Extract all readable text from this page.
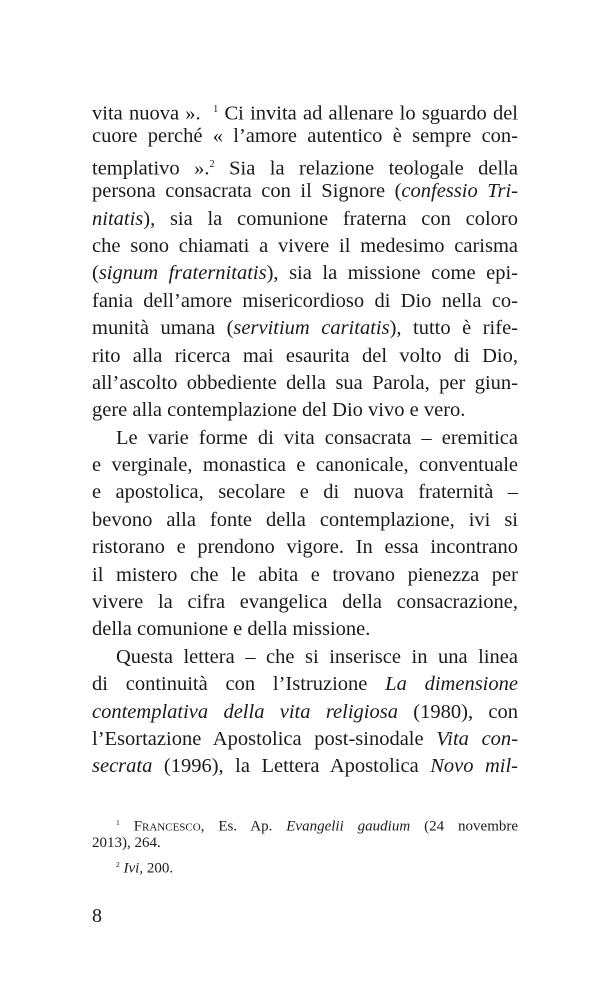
vita nuova ».  $^1$ Ci invita ad allenare lo sguardo del
cuore perché « l’amore autentico è sempre con-
templativo ».$^2$ Sia la relazione teologale della
persona consacrata con il Signore (confessio Tri-
nitatis), sia la comunione fraterna con coloro
che sono chiamati a vivere il medesimo carisma
(signum fraternitatis), sia la missione come epi-
fania dell’amore misericordioso di Dio nella co-
munità umana (servitium caritatis), tutto è rife-
rito alla ricerca mai esaurita del volto di Dio,
all’ascolto obbediente della sua Parola, per giun-
gere alla contemplazione del Dio vivo e vero.
Le varie forme di vita consacrata – eremitica
e verginale, monastica e canonicale, conventuale
e apostolica, secolare e di nuova fraternità –
bevono alla fonte della contemplazione, ivi si
ristorano e prendono vigore. In essa incontrano
il mistero che le abita e trovano pienezza per
vivere la cifra evangelica della consacrazione,
della comunione e della missione.
Questa lettera – che si inserisce in una linea
di continuità con l’Istruzione La dimensione
contemplativa della vita religiosa (1980), con
l’Esortazione Apostolica post-sinodale Vita con-
secrata (1996), la Lettera Apostolica Novo mil-
$^1$ Francesco, Es. Ap. Evangelii gaudium (24 novembre
2013), 264.
$^2$ Ivi, 200.
8
